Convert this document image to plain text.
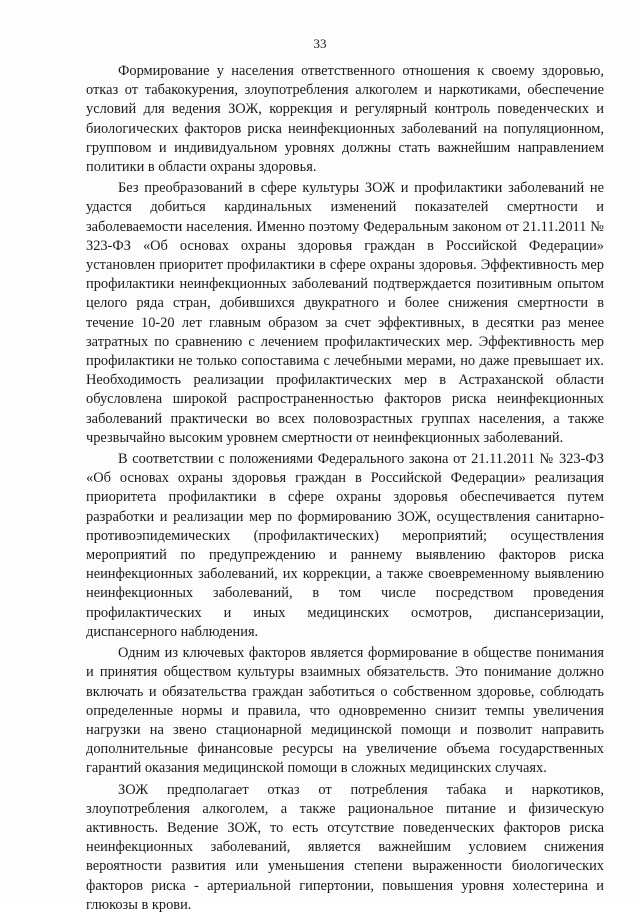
33

Формирование у населения ответственного отношения к своему здоровью, отказ от табакокурения, злоупотребления алкоголем и наркотиками, обеспечение условий для ведения ЗОЖ, коррекция и регулярный контроль поведенческих и биологических факторов риска неинфекционных заболеваний на популяционном, групповом и индивидуальном уровнях должны стать важнейшим направлением политики в области охраны здоровья.

Без преобразований в сфере культуры ЗОЖ и профилактики заболеваний не удастся добиться кардинальных изменений показателей смертности и заболеваемости населения. Именно поэтому Федеральным законом от 21.11.2011 № 323-ФЗ «Об основах охраны здоровья граждан в Российской Федерации» установлен приоритет профилактики в сфере охраны здоровья. Эффективность мер профилактики неинфекционных заболеваний подтверждается позитивным опытом целого ряда стран, добившихся двукратного и более снижения смертности в течение 10-20 лет главным образом за счет эффективных, в десятки раз менее затратных по сравнению с лечением профилактических мер. Эффективность мер профилактики не только сопоставима с лечебными мерами, но даже превышает их. Необходимость реализации профилактических мер в Астраханской области обусловлена широкой распространенностью факторов риска неинфекционных заболеваний практически во всех половозрастных группах населения, а также чрезвычайно высоким уровнем смертности от неинфекционных заболеваний.

В соответствии с положениями Федерального закона от 21.11.2011 № 323-ФЗ «Об основах охраны здоровья граждан в Российской Федерации» реализация приоритета профилактики в сфере охраны здоровья обеспечивается путем разработки и реализации мер по формированию ЗОЖ, осуществления санитарно-противоэпидемических (профилактических) мероприятий; осуществления мероприятий по предупреждению и раннему выявлению факторов риска неинфекционных заболеваний, их коррекции, а также своевременному выявлению неинфекционных заболеваний, в том числе посредством проведения профилактических и иных медицинских осмотров, диспансеризации, диспансерного наблюдения.

Одним из ключевых факторов является формирование в обществе понимания и принятия обществом культуры взаимных обязательств. Это понимание должно включать и обязательства граждан заботиться о собственном здоровье, соблюдать определенные нормы и правила, что одновременно снизит темпы увеличения нагрузки на звено стационарной медицинской помощи и позволит направить дополнительные финансовые ресурсы на увеличение объема государственных гарантий оказания медицинской помощи в сложных медицинских случаях.

ЗОЖ предполагает отказ от потребления табака и наркотиков, злоупотребления алкоголем, а также рациональное питание и физическую активность. Ведение ЗОЖ, то есть отсутствие поведенческих факторов риска неинфекционных заболеваний, является важнейшим условием снижения вероятности развития или уменьшения степени выраженности биологических факторов риска - артериальной гипертонии, повышения уровня холестерина и глюкозы в крови.
